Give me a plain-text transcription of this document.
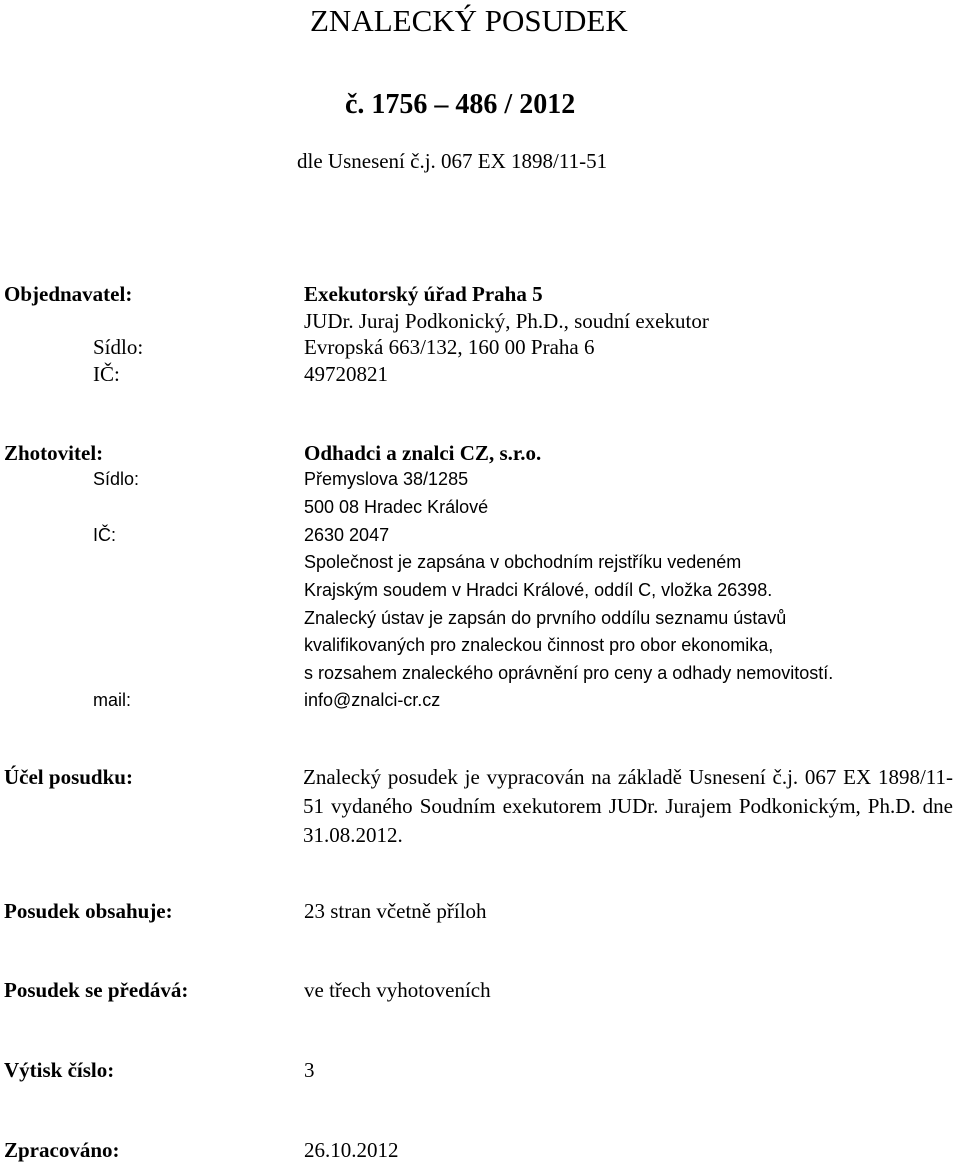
ZNALECKÝ POSUDEK
č. 1756 – 486 / 2012
dle Usnesení č.j. 067 EX 1898/11-51
Objednavatel:	Exekutorský úřad Praha 5
JUDr. Juraj Podkonický, Ph.D., soudní exekutor
Sídlo:	Evropská 663/132, 160 00 Praha 6
IČ:	49720821
Zhotovitel:	Odhadci a znalci CZ, s.r.o.
Sídlo:	Přemyslova 38/1285
500 08 Hradec Králové
IČ:	2630 2047
Společnost je zapsána v obchodním rejstříku vedeném
Krajským soudem v Hradci Králové, oddíl C, vložka 26398.
Znalecký ústav je zapsán do prvního oddílu seznamu ústavů
kvalifikovaných pro znaleckou činnost pro obor ekonomika,
s rozsahem znaleckého oprávnění pro ceny a odhady nemovitostí.
mail:	info@znalci-cr.cz
Účel posudku:	Znalecký posudek je vypracován na základě Usnesení č.j. 067 EX 1898/11-51 vydaného Soudním exekutorem JUDr. Jurajem Podkonickým, Ph.D. dne 31.08.2012.
Posudek obsahuje:	23 stran včetně příloh
Posudek se předává:	ve třech vyhotoveních
Výtisk číslo:	3
Zpracováno:	26.10.2012
